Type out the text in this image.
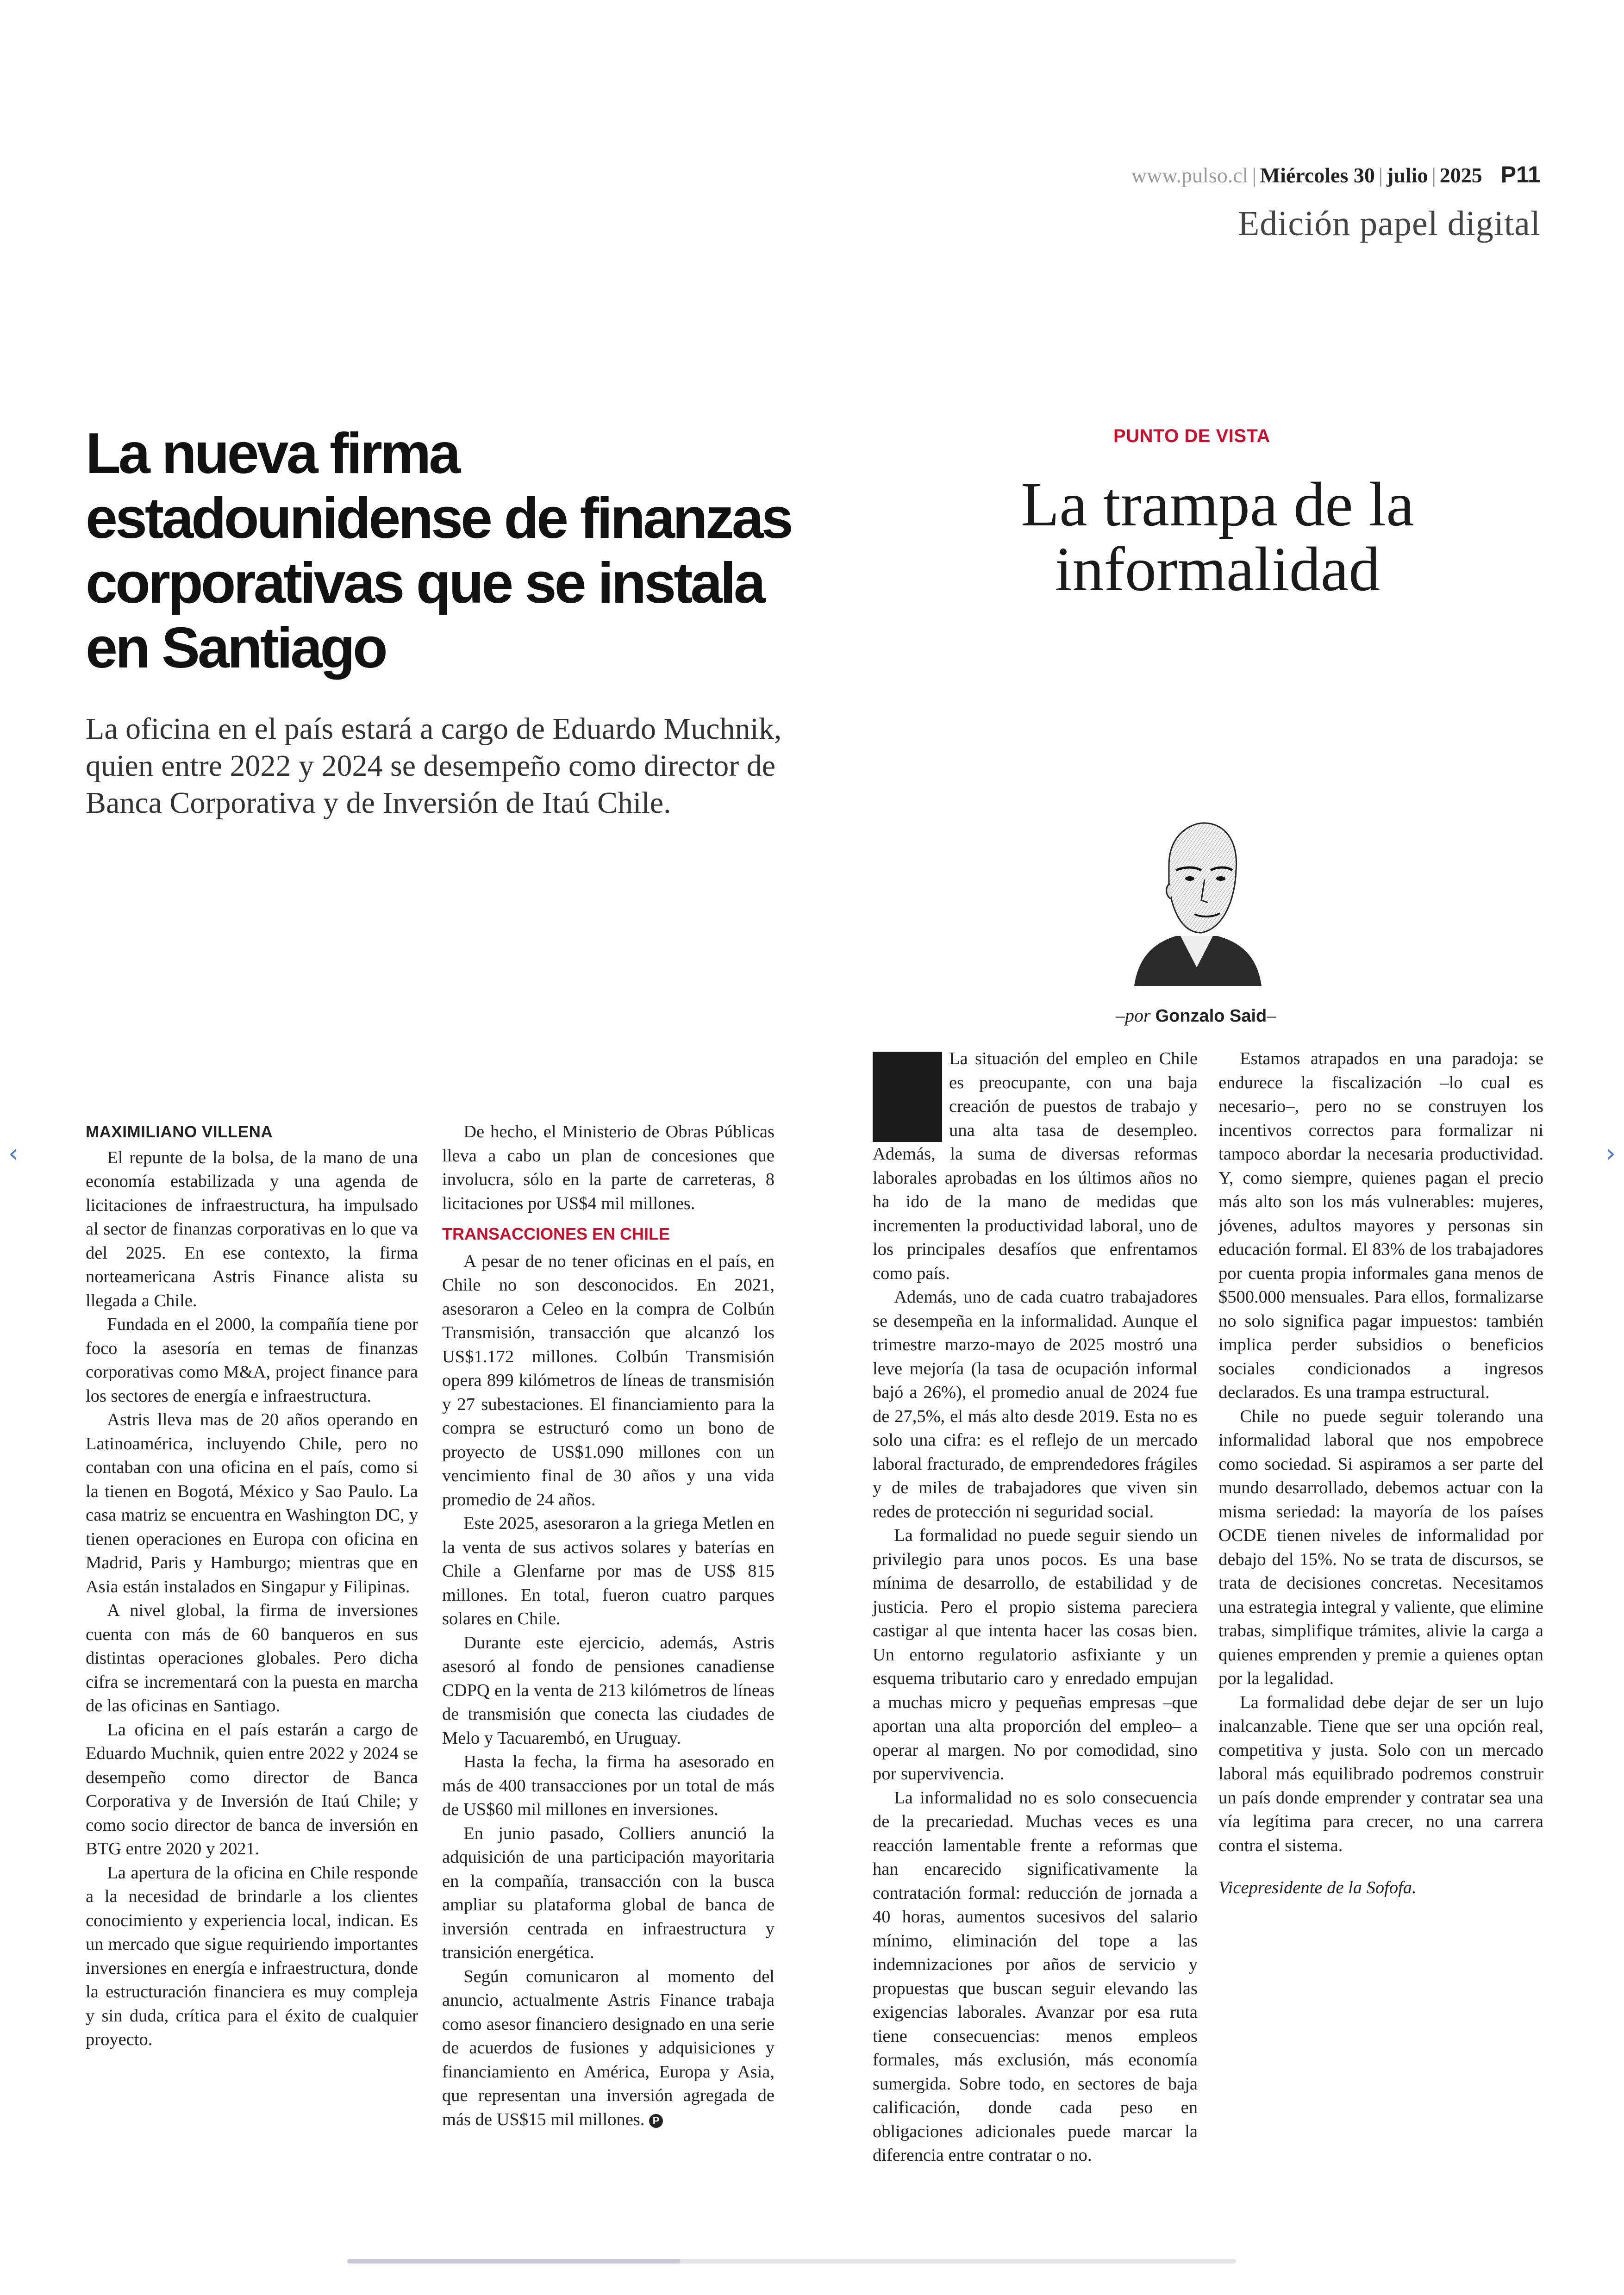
www.pulso.cl | Miércoles 30 | julio | 2025 P11
Edición papel digital
La nueva firma estadounidense de finanzas corporativas que se instala en Santiago

La oficina en el país estará a cargo de Eduardo Muchnik, quien entre 2022 y 2024 se desempeño como director de Banca Corporativa y de Inversión de Itaú Chile.

PUNTO DE VISTA
La trampa de la informalidad
–por Gonzalo Said–

MAXIMILIANO VILLENA

El repunte de la bolsa, de la mano de una economía estabilizada y una agenda de licitaciones de infraestructura, ha impulsado al sector de finanzas corporativas en lo que va del 2025. En ese contexto, la firma norteamericana Astris Finance alista su llegada a Chile.

Fundada en el 2000, la compañía tiene por foco la asesoría en temas de finanzas corporativas como M&A, project finance para los sectores de energía e infraestructura.

Astris lleva mas de 20 años operando en Latinoamérica, incluyendo Chile, pero no contaban con una oficina en el país, como si la tienen en Bogotá, México y Sao Paulo. La casa matriz se encuentra en Washington DC, y tienen operaciones en Europa con oficina en Madrid, Paris y Hamburgo; mientras que en Asia están instalados en Singapur y Filipinas.

A nivel global, la firma de inversiones cuenta con más de 60 banqueros en sus distintas operaciones globales. Pero dicha cifra se incrementará con la puesta en marcha de las oficinas en Santiago.

La oficina en el país estarán a cargo de Eduardo Muchnik, quien entre 2022 y 2024 se desempeño como director de Banca Corporativa y de Inversión de Itaú Chile; y como socio director de banca de inversión en BTG entre 2020 y 2021.

La apertura de la oficina en Chile responde a la necesidad de brindarle a los clientes conocimiento y experiencia local, indican. Es un mercado que sigue requiriendo importantes inversiones en energía e infraestructura, donde la estructuración financiera es muy compleja y sin duda, crítica para el éxito de cualquier proyecto.

De hecho, el Ministerio de Obras Públicas lleva a cabo un plan de concesiones que involucra, sólo en la parte de carreteras, 8 licitaciones por US$4 mil millones.

TRANSACCIONES EN CHILE

A pesar de no tener oficinas en el país, en Chile no son desconocidos. En 2021, asesoraron a Celeo en la compra de Colbún Transmisión, transacción que alcanzó los US$1.172 millones. Colbún Transmisión opera 899 kilómetros de líneas de transmisión y 27 subestaciones. El financiamiento para la compra se estructuró como un bono de proyecto de US$1.090 millones con un vencimiento final de 30 años y una vida promedio de 24 años.

Este 2025, asesoraron a la griega Metlen en la venta de sus activos solares y baterías en Chile a Glenfarne por mas de US$ 815 millones. En total, fueron cuatro parques solares en Chile.

Durante este ejercicio, además, Astris asesoró al fondo de pensiones canadiense CDPQ en la venta de 213 kilómetros de líneas de transmisión que conecta las ciudades de Melo y Tacuarembó, en Uruguay.

Hasta la fecha, la firma ha asesorado en más de 400 transacciones por un total de más de US$60 mil millones en inversiones.

En junio pasado, Colliers anunció la adquisición de una participación mayoritaria en la compañía, transacción con la busca ampliar su plataforma global de banca de inversión centrada en infraestructura y transición energética.

Según comunicaron al momento del anuncio, actualmente Astris Finance trabaja como asesor financiero designado en una serie de acuerdos de fusiones y adquisiciones y financiamiento en América, Europa y Asia, que representan una inversión agregada de más de US$15 mil millones. P

La situación del empleo en Chile es preocupante, con una baja creación de puestos de trabajo y una alta tasa de desempleo. Además, la suma de diversas reformas laborales aprobadas en los últimos años no ha ido de la mano de medidas que incrementen la productividad laboral, uno de los principales desafíos que enfrentamos como país.

Además, uno de cada cuatro trabajadores se desempeña en la informalidad. Aunque el trimestre marzo-mayo de 2025 mostró una leve mejoría (la tasa de ocupación informal bajó a 26%), el promedio anual de 2024 fue de 27,5%, el más alto desde 2019. Esta no es solo una cifra: es el reflejo de un mercado laboral fracturado, de emprendedores frágiles y de miles de trabajadores que viven sin redes de protección ni seguridad social.

La formalidad no puede seguir siendo un privilegio para unos pocos. Es una base mínima de desarrollo, de estabilidad y de justicia. Pero el propio sistema pareciera castigar al que intenta hacer las cosas bien. Un entorno regulatorio asfixiante y un esquema tributario caro y enredado empujan a muchas micro y pequeñas empresas –que aportan una alta proporción del empleo– a operar al margen. No por comodidad, sino por supervivencia.

La informalidad no es solo consecuencia de la precariedad. Muchas veces es una reacción lamentable frente a reformas que han encarecido significativamente la contratación formal: reducción de jornada a 40 horas, aumentos sucesivos del salario mínimo, eliminación del tope a las indemnizaciones por años de servicio y propuestas que buscan seguir elevando las exigencias laborales. Avanzar por esa ruta tiene consecuencias: menos empleos formales, más exclusión, más economía sumergida. Sobre todo, en sectores de baja calificación, donde cada peso en obligaciones adicionales puede marcar la diferencia entre contratar o no.

Estamos atrapados en una paradoja: se endurece la fiscalización –lo cual es necesario–, pero no se construyen los incentivos correctos para formalizar ni tampoco abordar la necesaria productividad. Y, como siempre, quienes pagan el precio más alto son los más vulnerables: mujeres, jóvenes, adultos mayores y personas sin educación formal. El 83% de los trabajadores por cuenta propia informales gana menos de $500.000 mensuales. Para ellos, formalizarse no solo significa pagar impuestos: también implica perder subsidios o beneficios sociales condicionados a ingresos declarados. Es una trampa estructural.

Chile no puede seguir tolerando una informalidad laboral que nos empobrece como sociedad. Si aspiramos a ser parte del mundo desarrollado, debemos actuar con la misma seriedad: la mayoría de los países OCDE tienen niveles de informalidad por debajo del 15%. No se trata de discursos, se trata de decisiones concretas. Necesitamos una estrategia integral y valiente, que elimine trabas, simplifique trámites, alivie la carga a quienes emprenden y premie a quienes optan por la legalidad.

La formalidad debe dejar de ser un lujo inalcanzable. Tiene que ser una opción real, competitiva y justa. Solo con un mercado laboral más equilibrado podremos construir un país donde emprender y contratar sea una vía legítima para crecer, no una carrera contra el sistema.

Vicepresidente de la Sofofa.

‹	›
